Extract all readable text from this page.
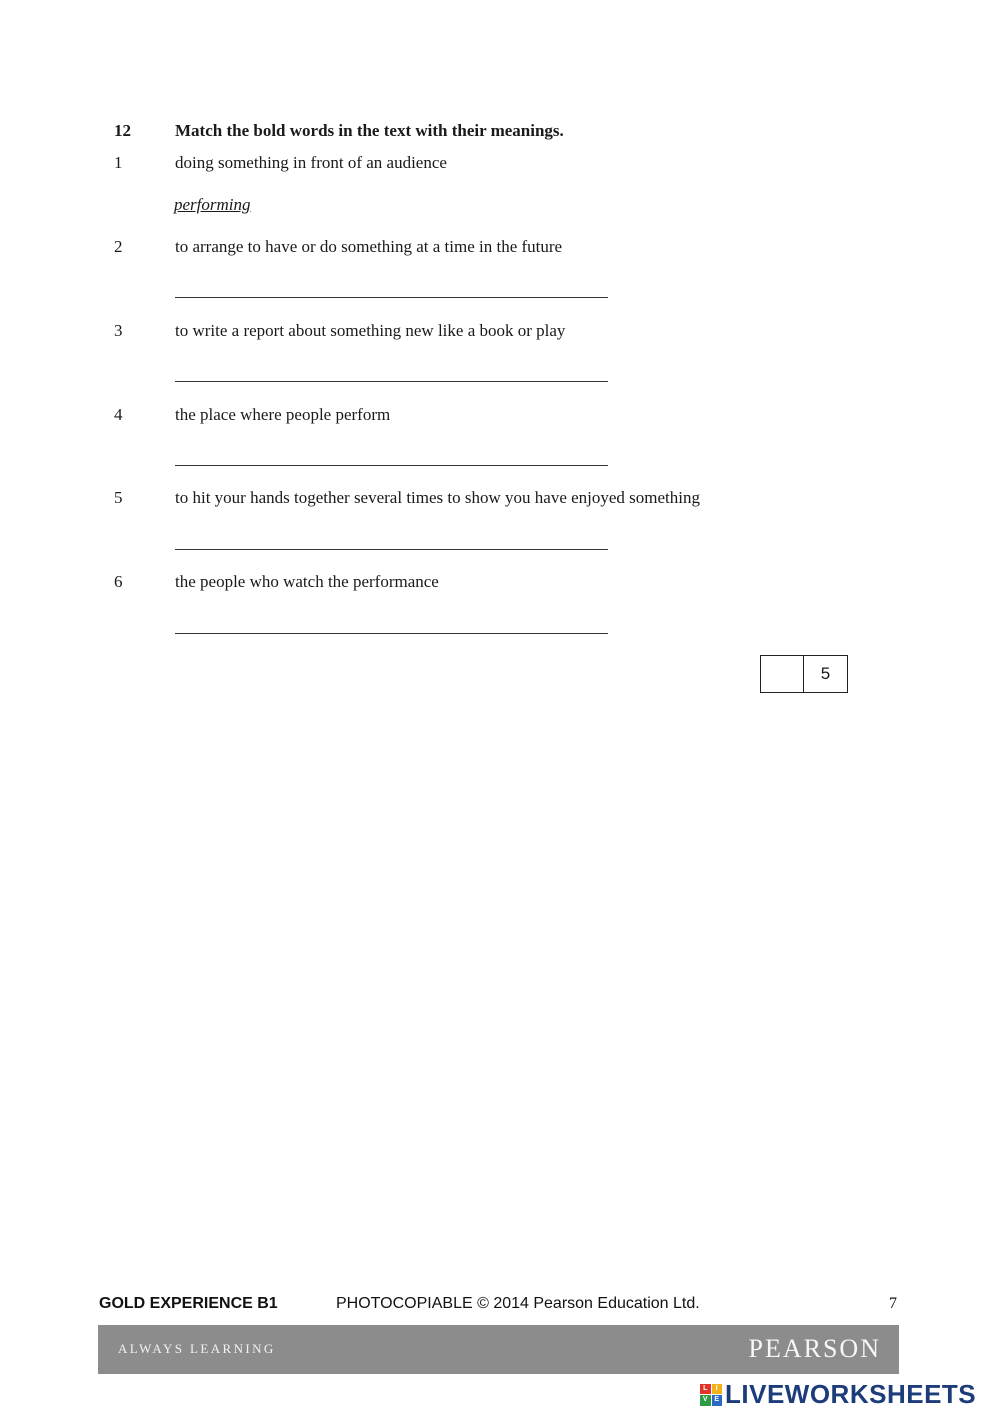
12	Match the bold words in the text with their meanings.
1	doing something in front of an audience
performing
2	to arrange to have or do something at a time in the future
3	to write a report about something new like a book or play
4	the place where people perform
5	to hit your hands together several times to show you have enjoyed something
6	the people who watch the performance
5
GOLD EXPERIENCE B1	PHOTOCOPIABLE © 2014 Pearson Education Ltd.	7
ALWAYS LEARNING	PEARSON
L	I
V E LIVEWORKSHEETS
